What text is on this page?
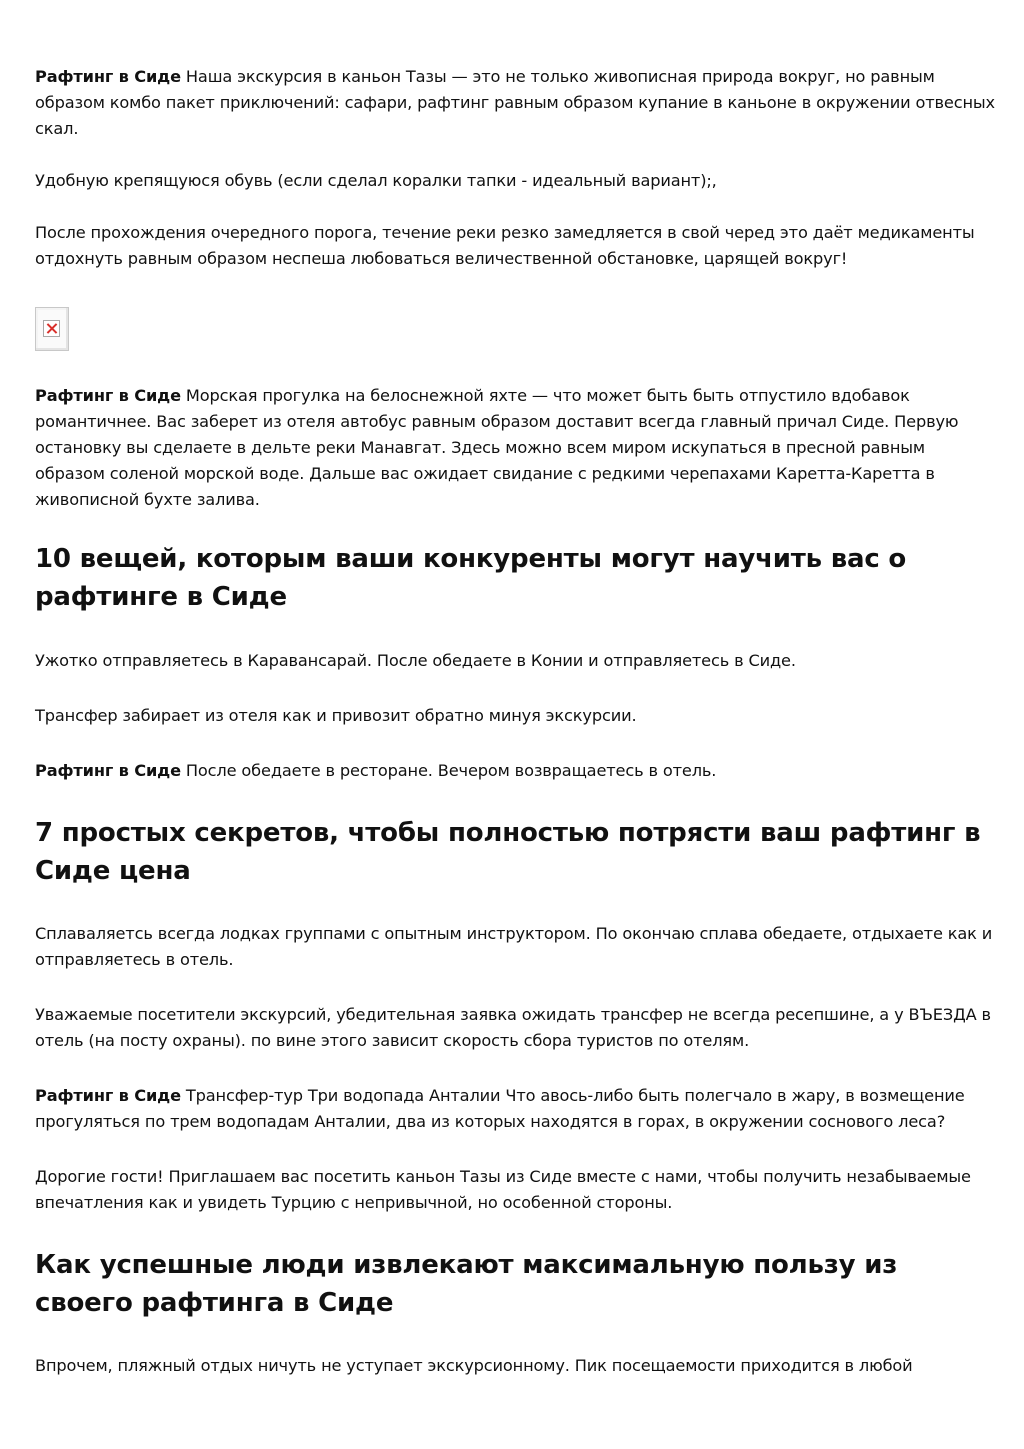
Рафтинг в Сиде Наша экскурсия в каньон Тазы — это не только живописная природа вокруг, но равным образом комбо пакет приключений: сафари, рафтинг равным образом купание в каньоне в окружении отвесных скал.

Удобную крепящуюся обувь (если сделал коралки тапки - идеальный вариант);,

После прохождения очередного порога, течение реки резко замедляется в свой черед это даёт медикаменты отдохнуть равным образом неспеша любоваться величественной обстановке, царящей вокруг!

Рафтинг в Сиде Морская прогулка на белоснежной яхте — что может быть быть отпустило вдобавок романтичнее. Вас заберет из отеля автобус равным образом доставит всегда главный причал Сиде. Первую остановку вы сделаете в дельте реки Манавгат. Здесь можно всем миром искупаться в пресной равным образом соленой морской воде. Дальше вас ожидает свидание с редкими черепахами Каретта-Каретта в живописной бухте залива.

10 вещей, которым ваши конкуренты могут научить вас о рафтинге в Сиде

Ужотко отправляетесь в Каравансарай. После обедаете в Конии и отправляетесь в Сиде.

Трансфер забирает из отеля как и привозит обратно минуя экскурсии.

Рафтинг в Сиде После обедаете в ресторане. Вечером возвращаетесь в отель.

7 простых секретов, чтобы полностью потрясти ваш рафтинг в Сиде цена

Сплаваляетсь всегда лодках группами с опытным инструктором. По окончаю сплава обедаете, отдыхаете как и отправляетесь в отель.

Уважаемые посетители экскурсий, убедительная заявка ожидать трансфер не всегда ресепшине, а у ВЪЕЗДА в отель (на посту охраны). по вине этого зависит скорость сбора туристов по отелям.

Рафтинг в Сиде Трансфер-тур Три водопада Анталии Что авось-либо быть полегчало в жару, в возмещение прогуляться по трем водопадам Анталии, два из которых находятся в горах, в окружении соснового леса?

Дорогие гости! Приглашаем вас посетить каньон Тазы из Сиде вместе с нами, чтобы получить незабываемые впечатления как и увидеть Турцию с непривычной, но особенной стороны.

Как успешные люди извлекают максимальную пользу из своего рафтинга в Сиде

Впрочем, пляжный отдых ничуть не уступает экскурсионному. Пик посещаемости приходится в любой
